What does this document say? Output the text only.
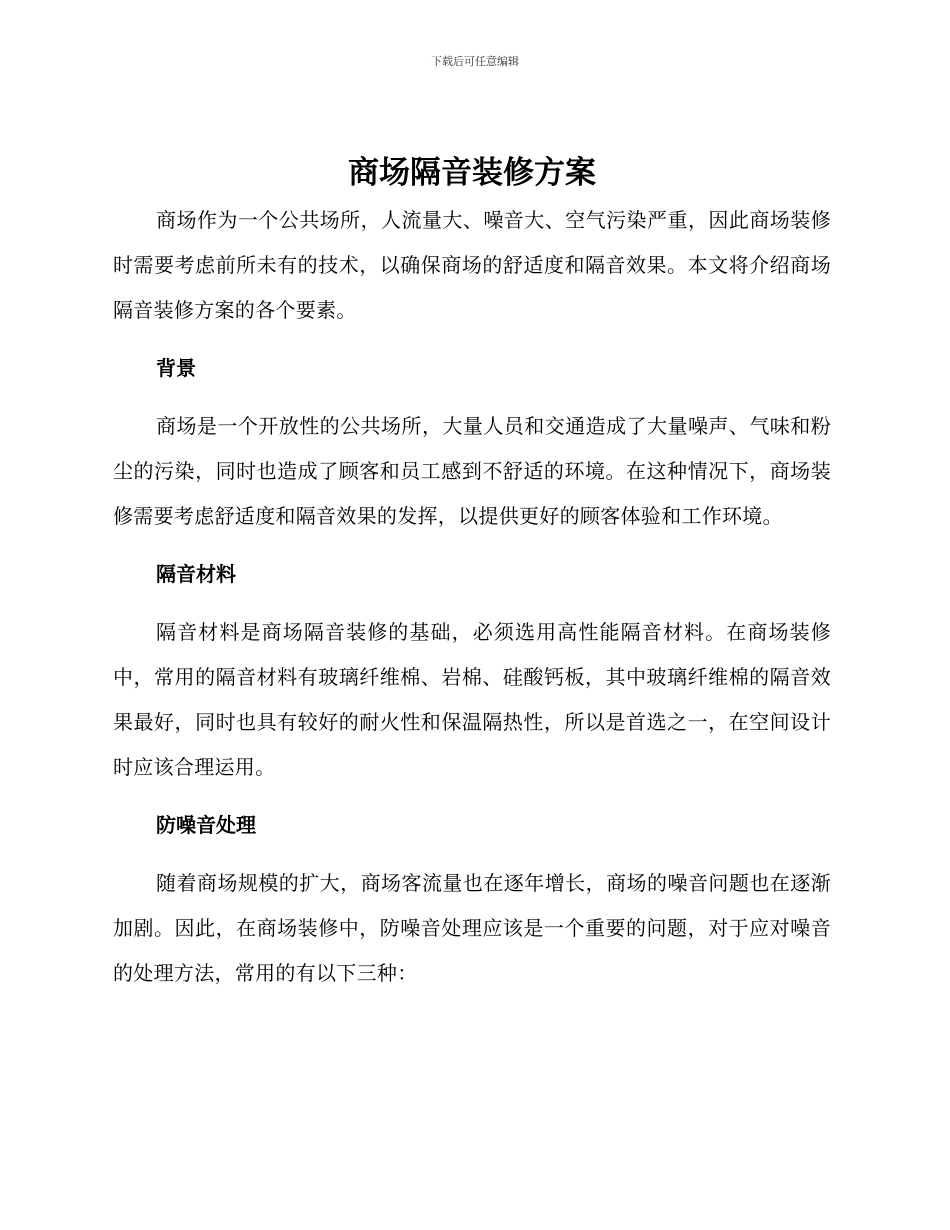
下载后可任意编辑
商场隔音装修方案

商场作为一个公共场所，人流量大、噪音大、空气污染严重，因此商场装修时需要考虑前所未有的技术，以确保商场的舒适度和隔音效果。本文将介绍商场隔音装修方案的各个要素。

背景

商场是一个开放性的公共场所，大量人员和交通造成了大量噪声、气味和粉尘的污染，同时也造成了顾客和员工感到不舒适的环境。在这种情况下，商场装修需要考虑舒适度和隔音效果的发挥，以提供更好的顾客体验和工作环境。

隔音材料

隔音材料是商场隔音装修的基础，必须选用高性能隔音材料。在商场装修中，常用的隔音材料有玻璃纤维棉、岩棉、硅酸钙板，其中玻璃纤维棉的隔音效果最好，同时也具有较好的耐火性和保温隔热性，所以是首选之一，在空间设计时应该合理运用。

防噪音处理

随着商场规模的扩大，商场客流量也在逐年增长，商场的噪音问题也在逐渐加剧。因此，在商场装修中，防噪音处理应该是一个重要的问题，对于应对噪音的处理方法，常用的有以下三种：
